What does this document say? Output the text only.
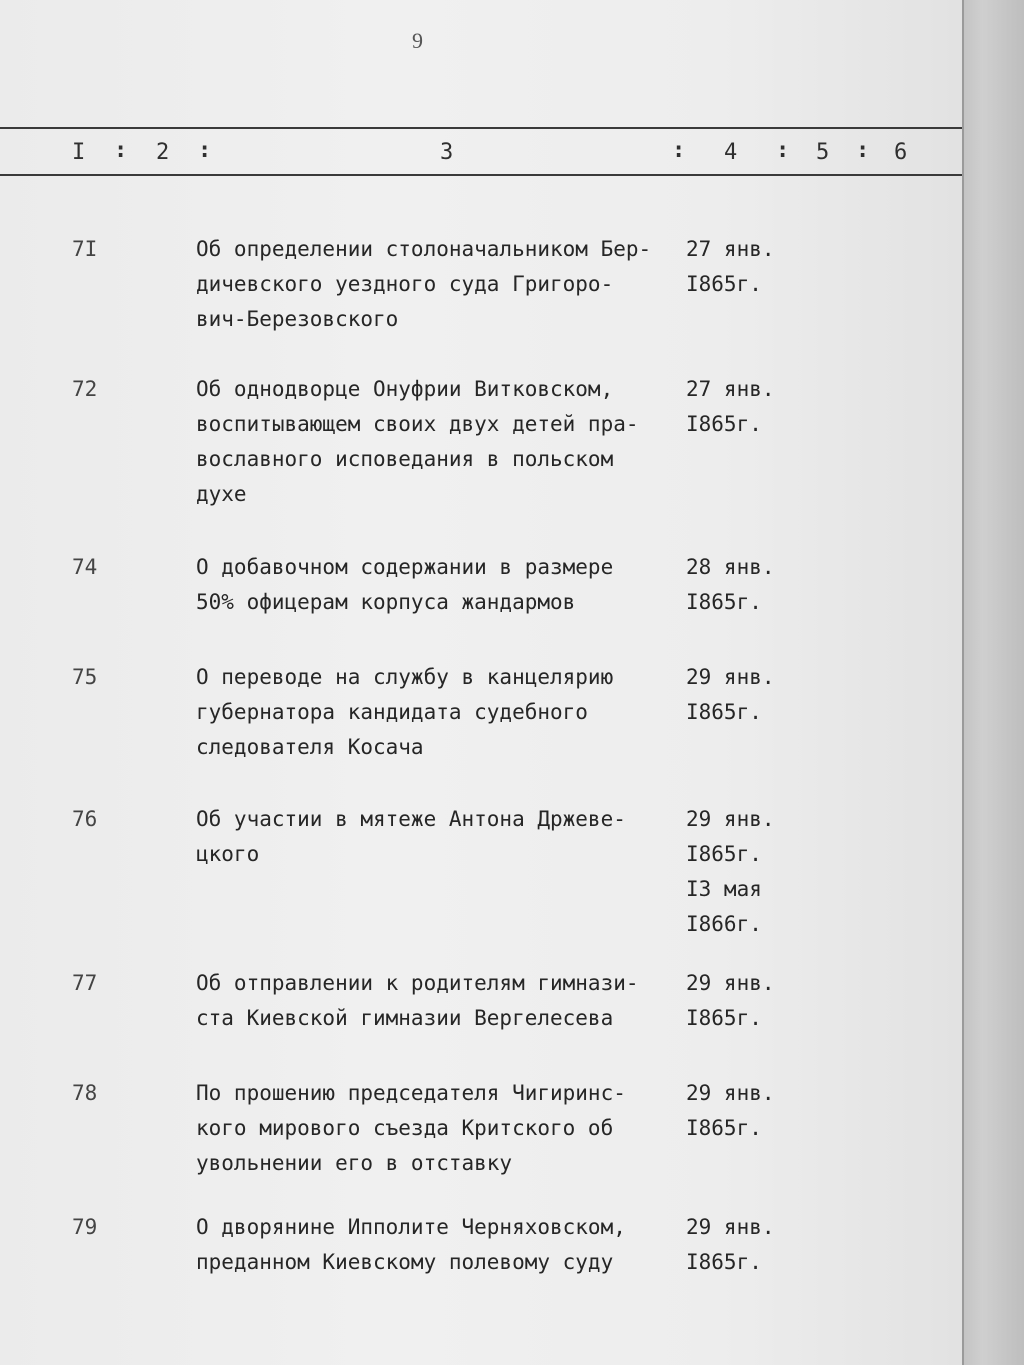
9
I : 2 :	3	: 4 : 5 : 6
7I	Об определении столоначальником Бер-
дичевского уездного суда Григоро-
вич-Березовского
27 янв.
I865г.
72	Об однодворце Онуфрии Витковском,
воспитывающем своих двух детей пра-
вославного исповедания в польском
духе
27 янв.
I865г.
74	О добавочном содержании в размере
50% офицерам корпуса жандармов
28 янв.
I865г.
75	О переводе на службу в канцелярию
губернатора кандидата судебного
следователя Косача
29 янв.
I865г.
76	Об участии в мятеже Антона Држеве-
цкого
29 янв.
I865г.
I3 мая
I866г.
77	Об отправлении к родителям гимнази-
ста Киевской гимназии Вергелесева
29 янв.
I865г.
78	По прошению председателя Чигиринс-
кого мирового съезда Критского об
увольнении его в отставку
29 янв.
I865г.
79	О дворянине Ипполите Черняховском,
преданном Киевскому полевому суду
29 янв.
I865г.
